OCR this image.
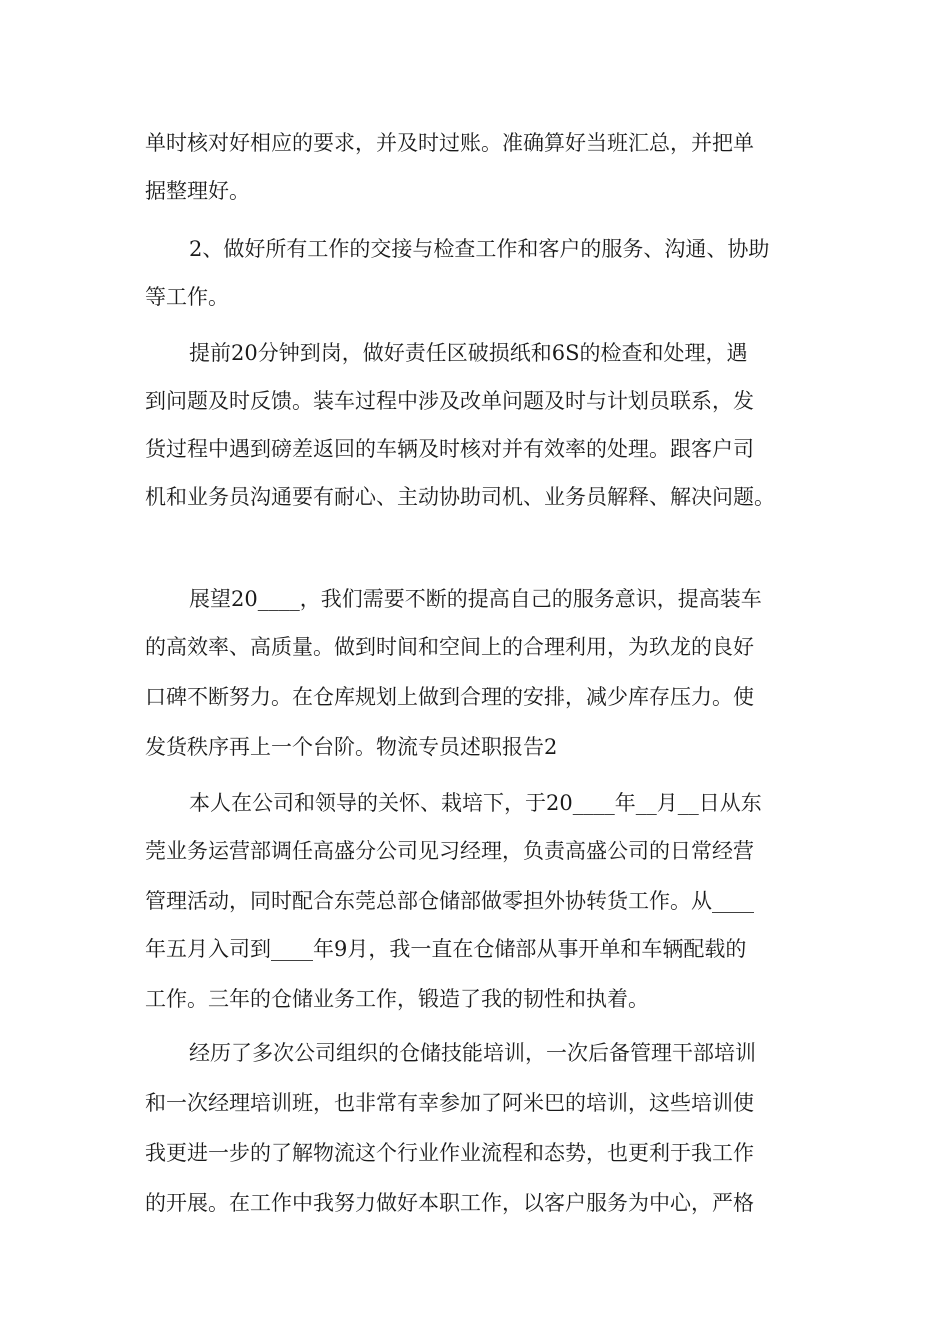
单时核对好相应的要求，并及时过账。准确算好当班汇总，并把单
据整理好。
2、做好所有工作的交接与检查工作和客户的服务、沟通、协助
等工作。
提前20分钟到岗，做好责任区破损纸和6S的检查和处理，遇
到问题及时反馈。装车过程中涉及改单问题及时与计划员联系，发
货过程中遇到磅差返回的车辆及时核对并有效率的处理。跟客户司
机和业务员沟通要有耐心、主动协助司机、业务员解释、解决问题。
展望20____，我们需要不断的提高自己的服务意识，提高装车
的高效率、高质量。做到时间和空间上的合理利用，为玖龙的良好
口碑不断努力。在仓库规划上做到合理的安排，减少库存压力。使
发货秩序再上一个台阶。物流专员述职报告2
本人在公司和领导的关怀、栽培下，于20____年__月__日从东
莞业务运营部调任高盛分公司见习经理，负责高盛公司的日常经营
管理活动，同时配合东莞总部仓储部做零担外协转货工作。从____
年五月入司到____年9月，我一直在仓储部从事开单和车辆配载的
工作。三年的仓储业务工作，锻造了我的韧性和执着。
经历了多次公司组织的仓储技能培训，一次后备管理干部培训
和一次经理培训班，也非常有幸参加了阿米巴的培训，这些培训使
我更进一步的了解物流这个行业作业流程和态势，也更利于我工作
的开展。在工作中我努力做好本职工作，以客户服务为中心，严格
